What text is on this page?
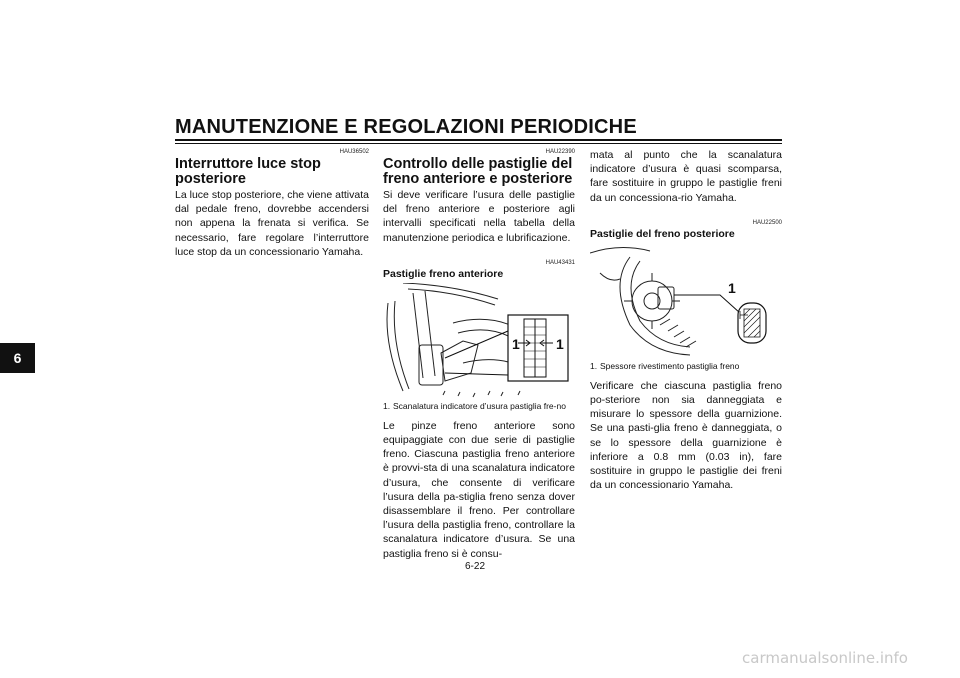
MANUTENZIONE E REGOLAZIONI PERIODICHE
6
HAU36502
Interruttore luce stop posteriore

La luce stop posteriore, che viene attivata dal pedale freno, dovrebbe accendersi non appena la frenata si verifica. Se necessario, fare regolare l’interruttore luce stop da un concessionario Yamaha.

HAU22390
Controllo delle pastiglie del freno anteriore e posteriore

Si deve verificare l’usura delle pastiglie del freno anteriore e posteriore agli intervalli specificati nella tabella della manutenzione periodica e lubrificazione.

HAU43431
Pastiglie freno anteriore
1	1
1. Scanalatura indicatore d’usura pastiglia fre-no

Le pinze freno anteriore sono equipaggiate con due serie di pastiglie freno. Ciascuna pastiglia freno anteriore è provvi-sta di una scanalatura indicatore d’usura, che consente di verificare l’usura della pa-stiglia freno senza dover disassemblare il freno. Per controllare l’usura della pastiglia freno, controllare la scanalatura indicatore d’usura. Se una pastiglia freno si è consu-

mata al punto che la scanalatura indicatore d’usura è quasi scomparsa, fare sostituire in gruppo le pastiglie freni da un concessiona-rio Yamaha.

HAU22500
Pastiglie del freno posteriore
1
1. Spessore rivestimento pastiglia freno

Verificare che ciascuna pastiglia freno po-steriore non sia danneggiata e misurare lo spessore della guarnizione. Se una pasti-glia freno è danneggiata, o se lo spessore della guarnizione è inferiore a 0.8 mm (0.03 in), fare sostituire in gruppo le pastiglie dei freni da un concessionario Yamaha.

6-22
carmanualsonline.info
